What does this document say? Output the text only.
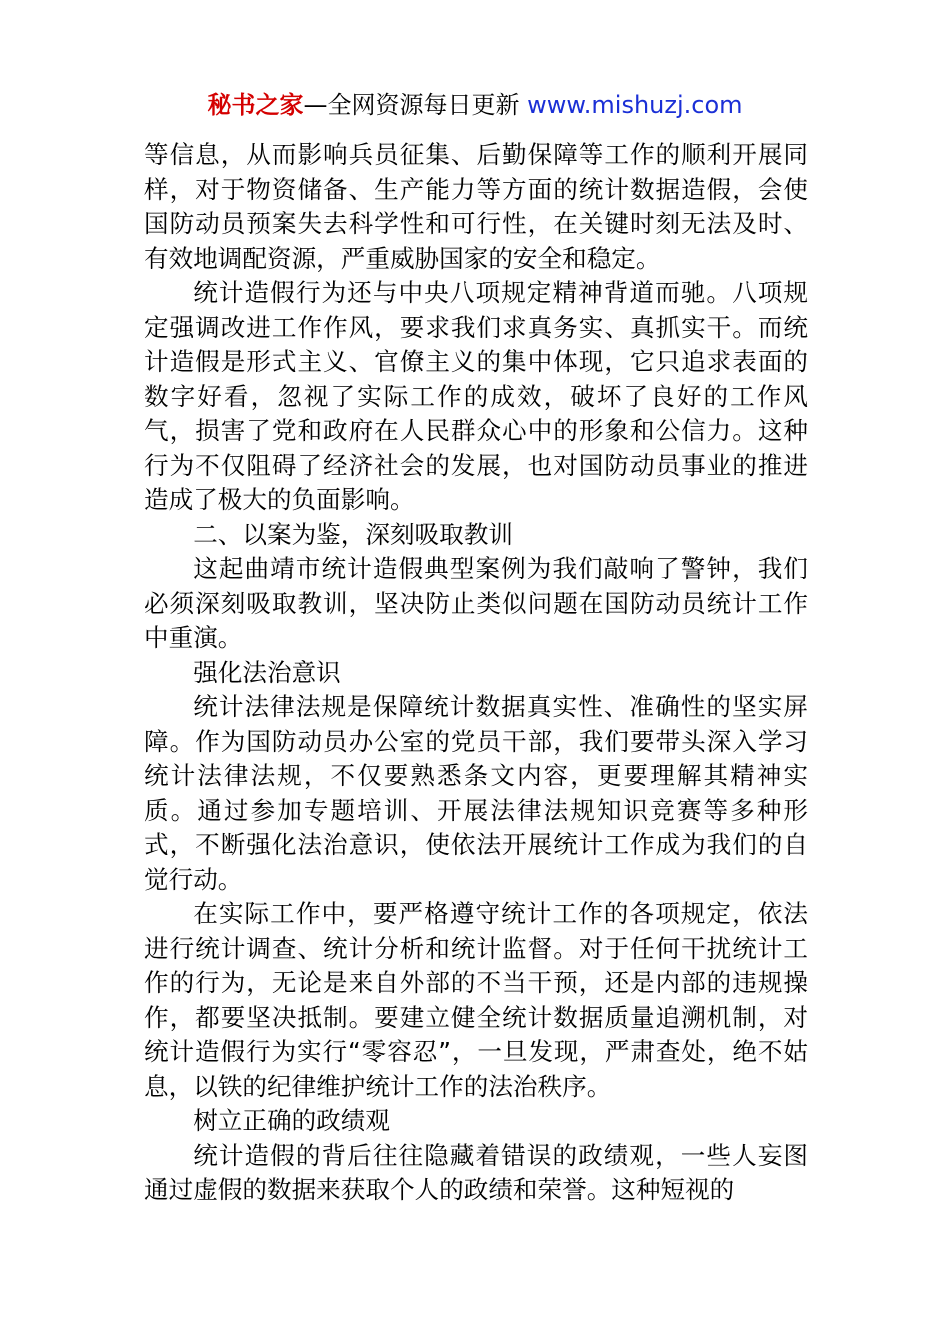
秘书之家—全网资源每日更新 www.mishuzj.com

等信息，从而影响兵员征集、后勤保障等工作的顺利开展同样，对于物资储备、生产能力等方面的统计数据造假，会使国防动员预案失去科学性和可行性，在关键时刻无法及时、有效地调配资源，严重威胁国家的安全和稳定。

统计造假行为还与中央八项规定精神背道而驰。八项规定强调改进工作作风，要求我们求真务实、真抓实干。而统计造假是形式主义、官僚主义的集中体现，它只追求表面的数字好看，忽视了实际工作的成效，破坏了良好的工作风气，损害了党和政府在人民群众心中的形象和公信力。这种行为不仅阻碍了经济社会的发展，也对国防动员事业的推进造成了极大的负面影响。

二、以案为鉴，深刻吸取教训

这起曲靖市统计造假典型案例为我们敲响了警钟，我们必须深刻吸取教训，坚决防止类似问题在国防动员统计工作中重演。

强化法治意识

统计法律法规是保障统计数据真实性、准确性的坚实屏障。作为国防动员办公室的党员干部，我们要带头深入学习统计法律法规，不仅要熟悉条文内容，更要理解其精神实质。通过参加专题培训、开展法律法规知识竞赛等多种形式，不断强化法治意识，使依法开展统计工作成为我们的自觉行动。

在实际工作中，要严格遵守统计工作的各项规定，依法进行统计调查、统计分析和统计监督。对于任何干扰统计工作的行为，无论是来自外部的不当干预，还是内部的违规操作，都要坚决抵制。要建立健全统计数据质量追溯机制，对统计造假行为实行“零容忍”，一旦发现，严肃查处，绝不姑息，以铁的纪律维护统计工作的法治秩序。

树立正确的政绩观

统计造假的背后往往隐藏着错误的政绩观，一些人妄图通过虚假的数据来获取个人的政绩和荣誉。这种短视的
